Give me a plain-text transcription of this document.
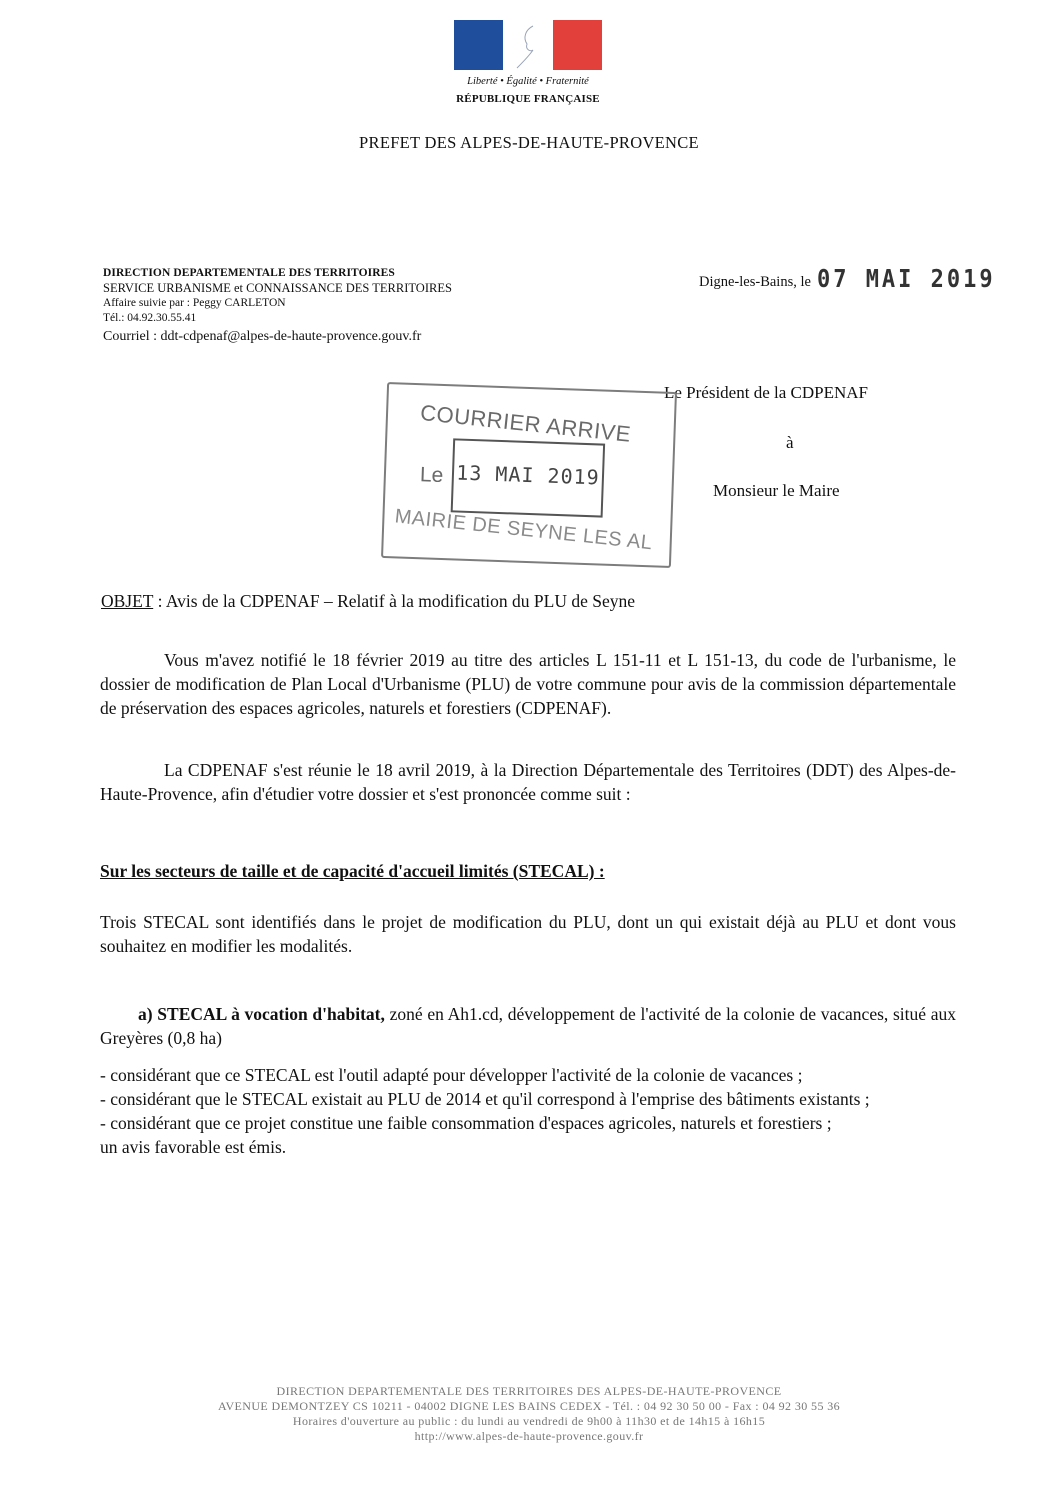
Liberté • Égalité • Fraternité
RÉPUBLIQUE FRANÇAISE
PREFET DES ALPES-DE-HAUTE-PROVENCE
DIRECTION DEPARTEMENTALE DES TERRITOIRES
SERVICE URBANISME et CONNAISSANCE DES TERRITOIRES
Affaire suivie par : Peggy CARLETON
Tél.: 04.92.30.55.41
Courriel : ddt-cdpenaf@alpes-de-haute-provence.gouv.fr
Digne-les-Bains, le 07 MAI 2019
Le Président de la CDPENAF
à
Monsieur le Maire
COURRIER ARRIVE
Le 13 MAI 2019
MAIRIE DE SEYNE LES AL
OBJET : Avis de la CDPENAF – Relatif à la modification du PLU de Seyne
Vous m'avez notifié le 18 février 2019 au titre des articles L 151-11 et L 151-13, du code de l'urbanisme, le dossier de modification de Plan Local d'Urbanisme (PLU) de votre commune pour avis de la commission départementale de préservation des espaces agricoles, naturels et forestiers (CDPENAF).
La CDPENAF s'est réunie le 18 avril 2019, à la Direction Départementale des Territoires (DDT) des Alpes-de-Haute-Provence, afin d'étudier votre dossier et s'est prononcée comme suit :
Sur les secteurs de taille et de capacité d'accueil limités (STECAL) :
Trois STECAL sont identifiés dans le projet de modification du PLU, dont un qui existait déjà au PLU et dont vous souhaitez en modifier les modalités.
a) STECAL à vocation d'habitat, zoné en Ah1.cd, développement de l'activité de la colonie de vacances, situé aux Greyères (0,8 ha)

- considérant que ce STECAL est l'outil adapté pour développer l'activité de la colonie de vacances ;

- considérant que le STECAL existait au PLU de 2014 et qu'il correspond à l'emprise des bâtiments existants ;

- considérant que ce projet constitue une faible consommation d'espaces agricoles, naturels et forestiers ;

un avis favorable est émis.

DIRECTION DEPARTEMENTALE DES TERRITOIRES DES ALPES-DE-HAUTE-PROVENCE
AVENUE DEMONTZEY CS 10211 - 04002 DIGNE LES BAINS CEDEX - Tél. : 04 92 30 50 00 - Fax : 04 92 30 55 36
Horaires d'ouverture au public : du lundi au vendredi de 9h00 à 11h30 et de 14h15 à 16h15
http://www.alpes-de-haute-provence.gouv.fr
